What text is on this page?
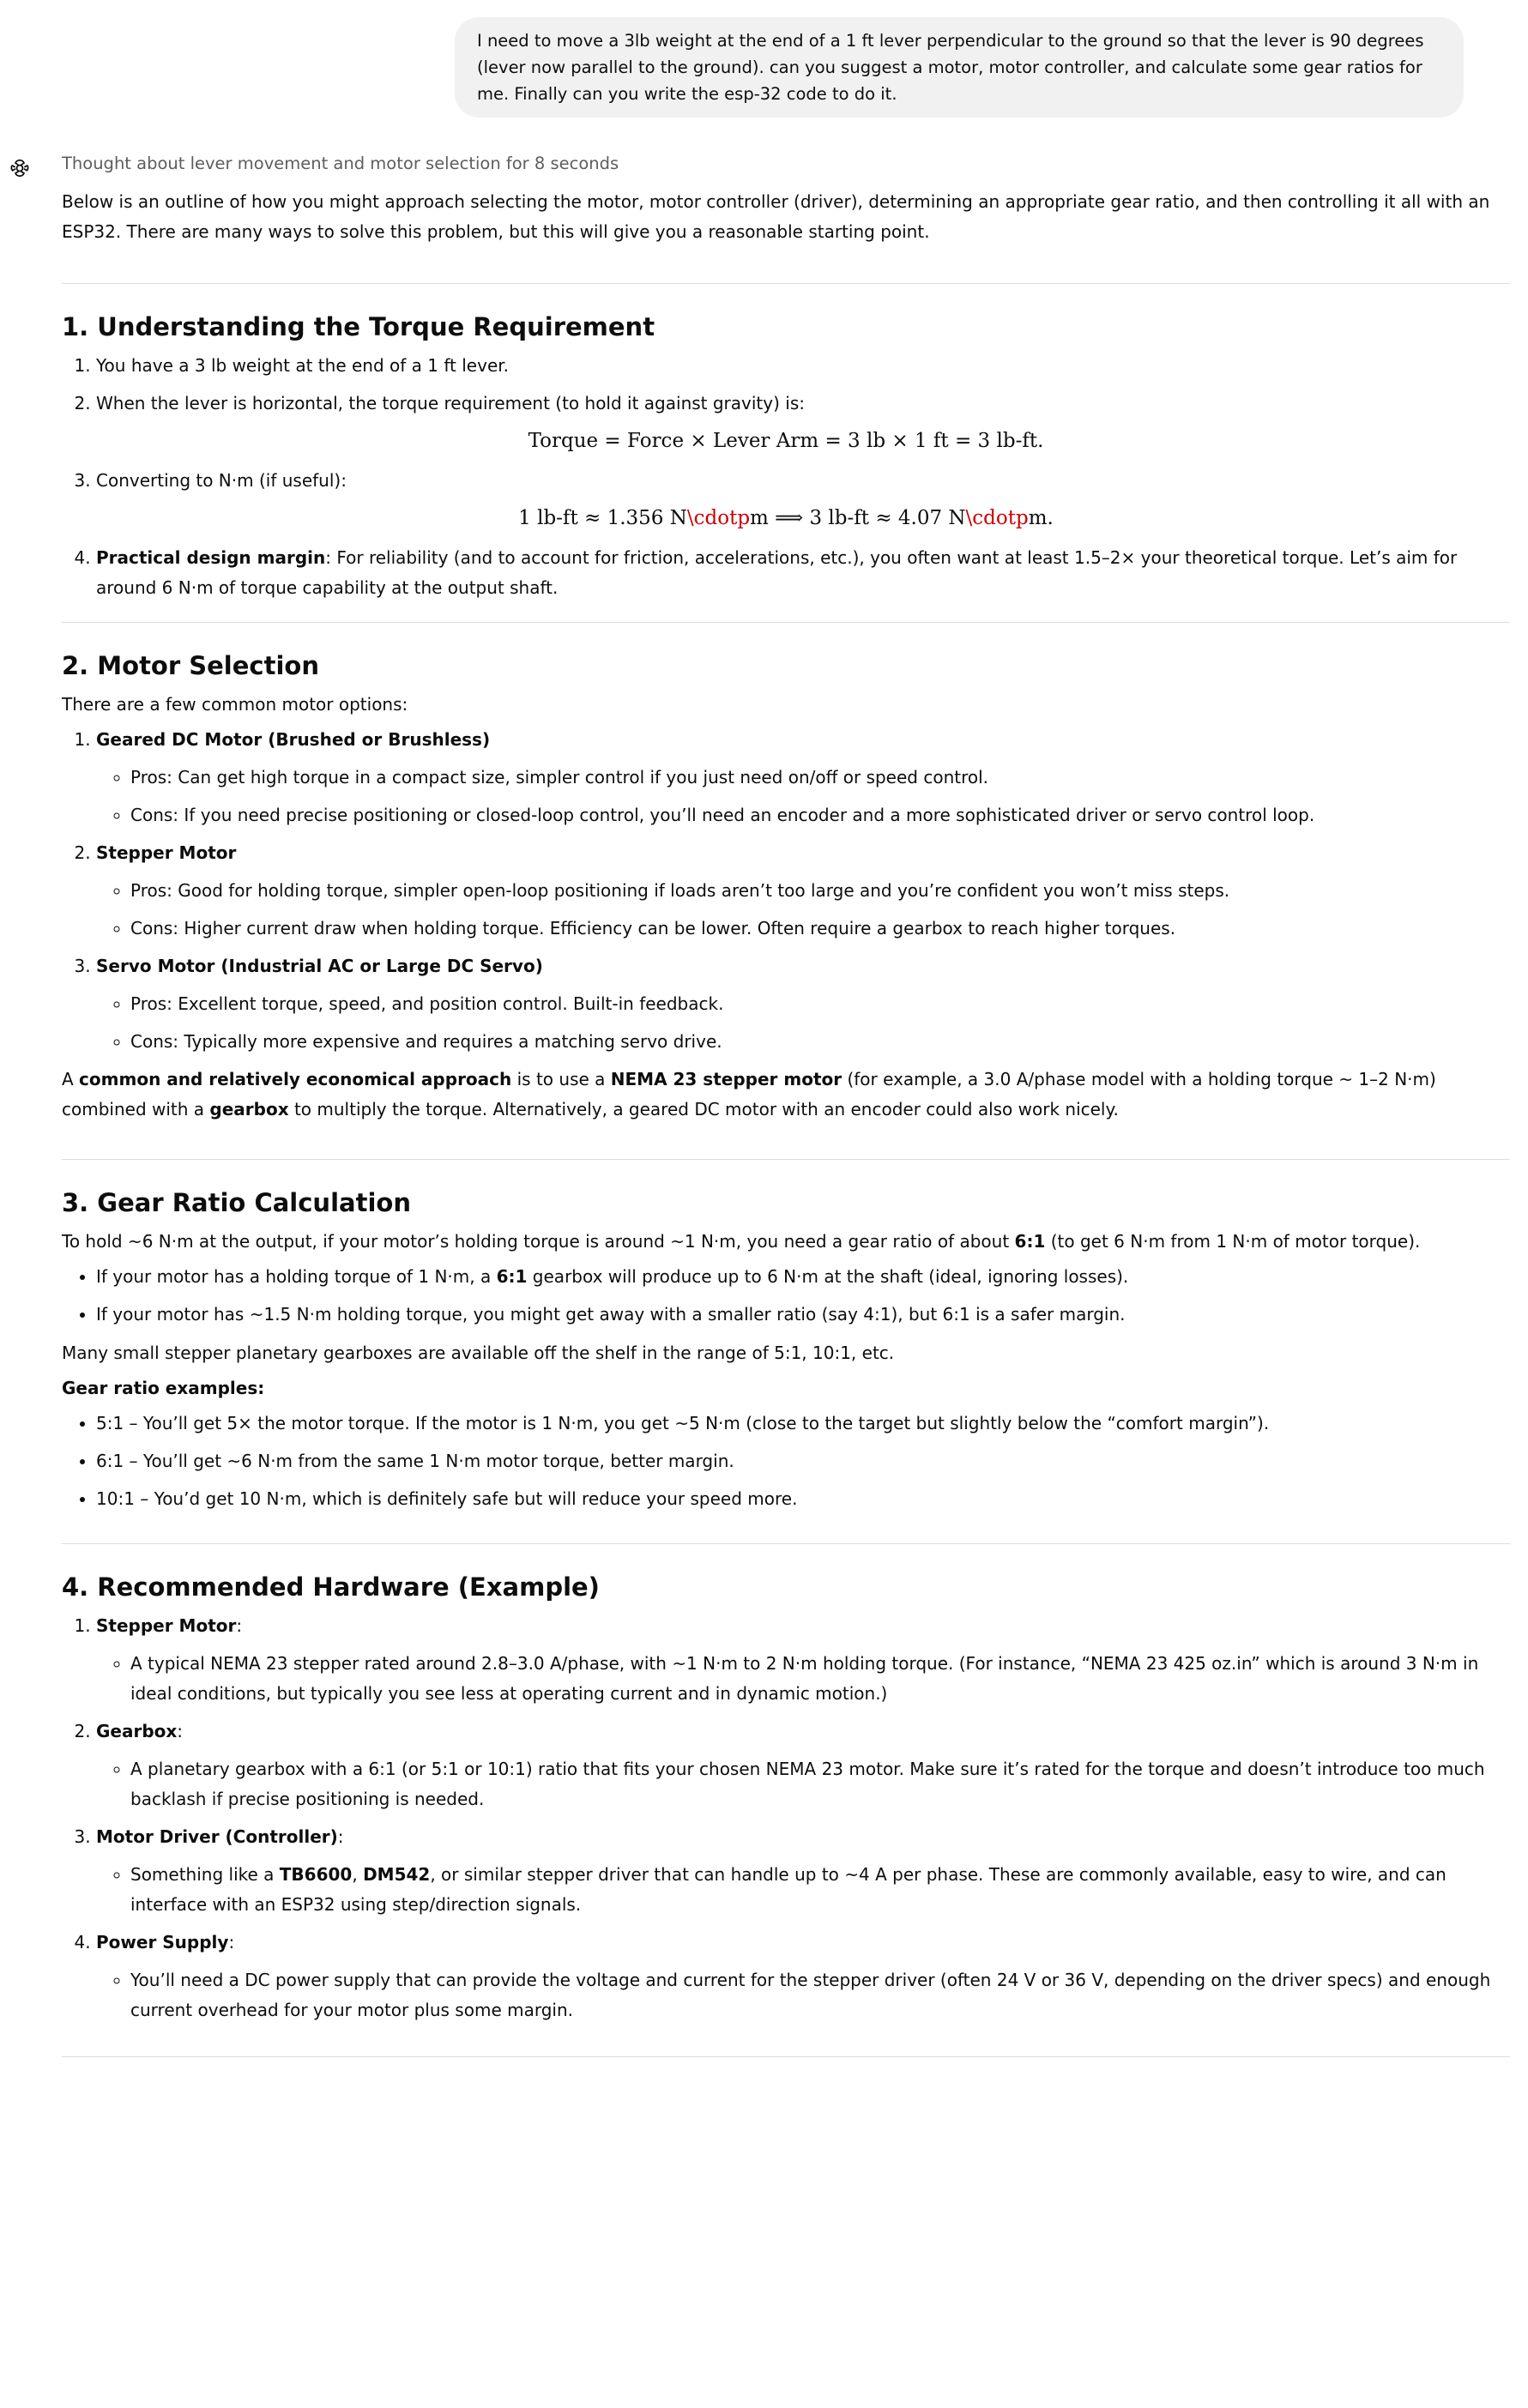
I need to move a 3lb weight at the end of a 1 ft lever perpendicular to the ground so that the lever is 90 degrees (lever now parallel to the ground). can you suggest a motor, motor controller, and calculate some gear ratios for me. Finally can you write the esp-32 code to do it.

Thought about lever movement and motor selection for 8 seconds

Below is an outline of how you might approach selecting the motor, motor controller (driver), determining an appropriate gear ratio, and then controlling it all with an ESP32. There are many ways to solve this problem, but this will give you a reasonable starting point.

1. Understanding the Torque Requirement
1. You have a 3 lb weight at the end of a 1 ft lever.
2. When the lever is horizontal, the torque requirement (to hold it against gravity) is:
Torque = Force × Lever Arm = 3 lb × 1 ft = 3 lb-ft.
3. Converting to N·m (if useful):
1 lb-ft ≈ 1.356 N\cdotpm ⟹ 3 lb-ft ≈ 4.07 N\cdotpm.
4. Practical design margin: For reliability (and to account for friction, accelerations, etc.), you often want at least 1.5–2× your theoretical torque. Let’s aim for around 6 N·m of torque capability at the output shaft.
2. Motor Selection

There are a few common motor options:

1. Geared DC Motor (Brushed or Brushless)
◦ Pros: Can get high torque in a compact size, simpler control if you just need on/off or speed control.
◦ Cons: If you need precise positioning or closed-loop control, you’ll need an encoder and a more sophisticated driver or servo control loop.
2. Stepper Motor
◦ Pros: Good for holding torque, simpler open-loop positioning if loads aren’t too large and you’re confident you won’t miss steps.
◦ Cons: Higher current draw when holding torque. Efficiency can be lower. Often require a gearbox to reach higher torques.
3. Servo Motor (Industrial AC or Large DC Servo)
◦ Pros: Excellent torque, speed, and position control. Built-in feedback.
◦ Cons: Typically more expensive and requires a matching servo drive.

A common and relatively economical approach is to use a NEMA 23 stepper motor (for example, a 3.0 A/phase model with a holding torque ~ 1–2 N·m) combined with a gearbox to multiply the torque. Alternatively, a geared DC motor with an encoder could also work nicely.

3. Gear Ratio Calculation

To hold ~6 N·m at the output, if your motor’s holding torque is around ~1 N·m, you need a gear ratio of about 6:1 (to get 6 N·m from 1 N·m of motor torque).

• If your motor has a holding torque of 1 N·m, a 6:1 gearbox will produce up to 6 N·m at the shaft (ideal, ignoring losses).
• If your motor has ~1.5 N·m holding torque, you might get away with a smaller ratio (say 4:1), but 6:1 is a safer margin.

Many small stepper planetary gearboxes are available off the shelf in the range of 5:1, 10:1, etc.

Gear ratio examples:

• 5:1 – You’ll get 5× the motor torque. If the motor is 1 N·m, you get ~5 N·m (close to the target but slightly below the “comfort margin”).
• 6:1 – You’ll get ~6 N·m from the same 1 N·m motor torque, better margin.
• 10:1 – You’d get 10 N·m, which is definitely safe but will reduce your speed more.
4. Recommended Hardware (Example)
1. Stepper Motor:
◦ A typical NEMA 23 stepper rated around 2.8–3.0 A/phase, with ~1 N·m to 2 N·m holding torque. (For instance, “NEMA 23 425 oz.in” which is around 3 N·m in ideal conditions, but typically you see less at operating current and in dynamic motion.)
2. Gearbox:
◦ A planetary gearbox with a 6:1 (or 5:1 or 10:1) ratio that fits your chosen NEMA 23 motor. Make sure it’s rated for the torque and doesn’t introduce too much backlash if precise positioning is needed.
3. Motor Driver (Controller):
◦ Something like a TB6600, DM542, or similar stepper driver that can handle up to ~4 A per phase. These are commonly available, easy to wire, and can interface with an ESP32 using step/direction signals.
4. Power Supply:
◦ You’ll need a DC power supply that can provide the voltage and current for the stepper driver (often 24 V or 36 V, depending on the driver specs) and enough current overhead for your motor plus some margin.
